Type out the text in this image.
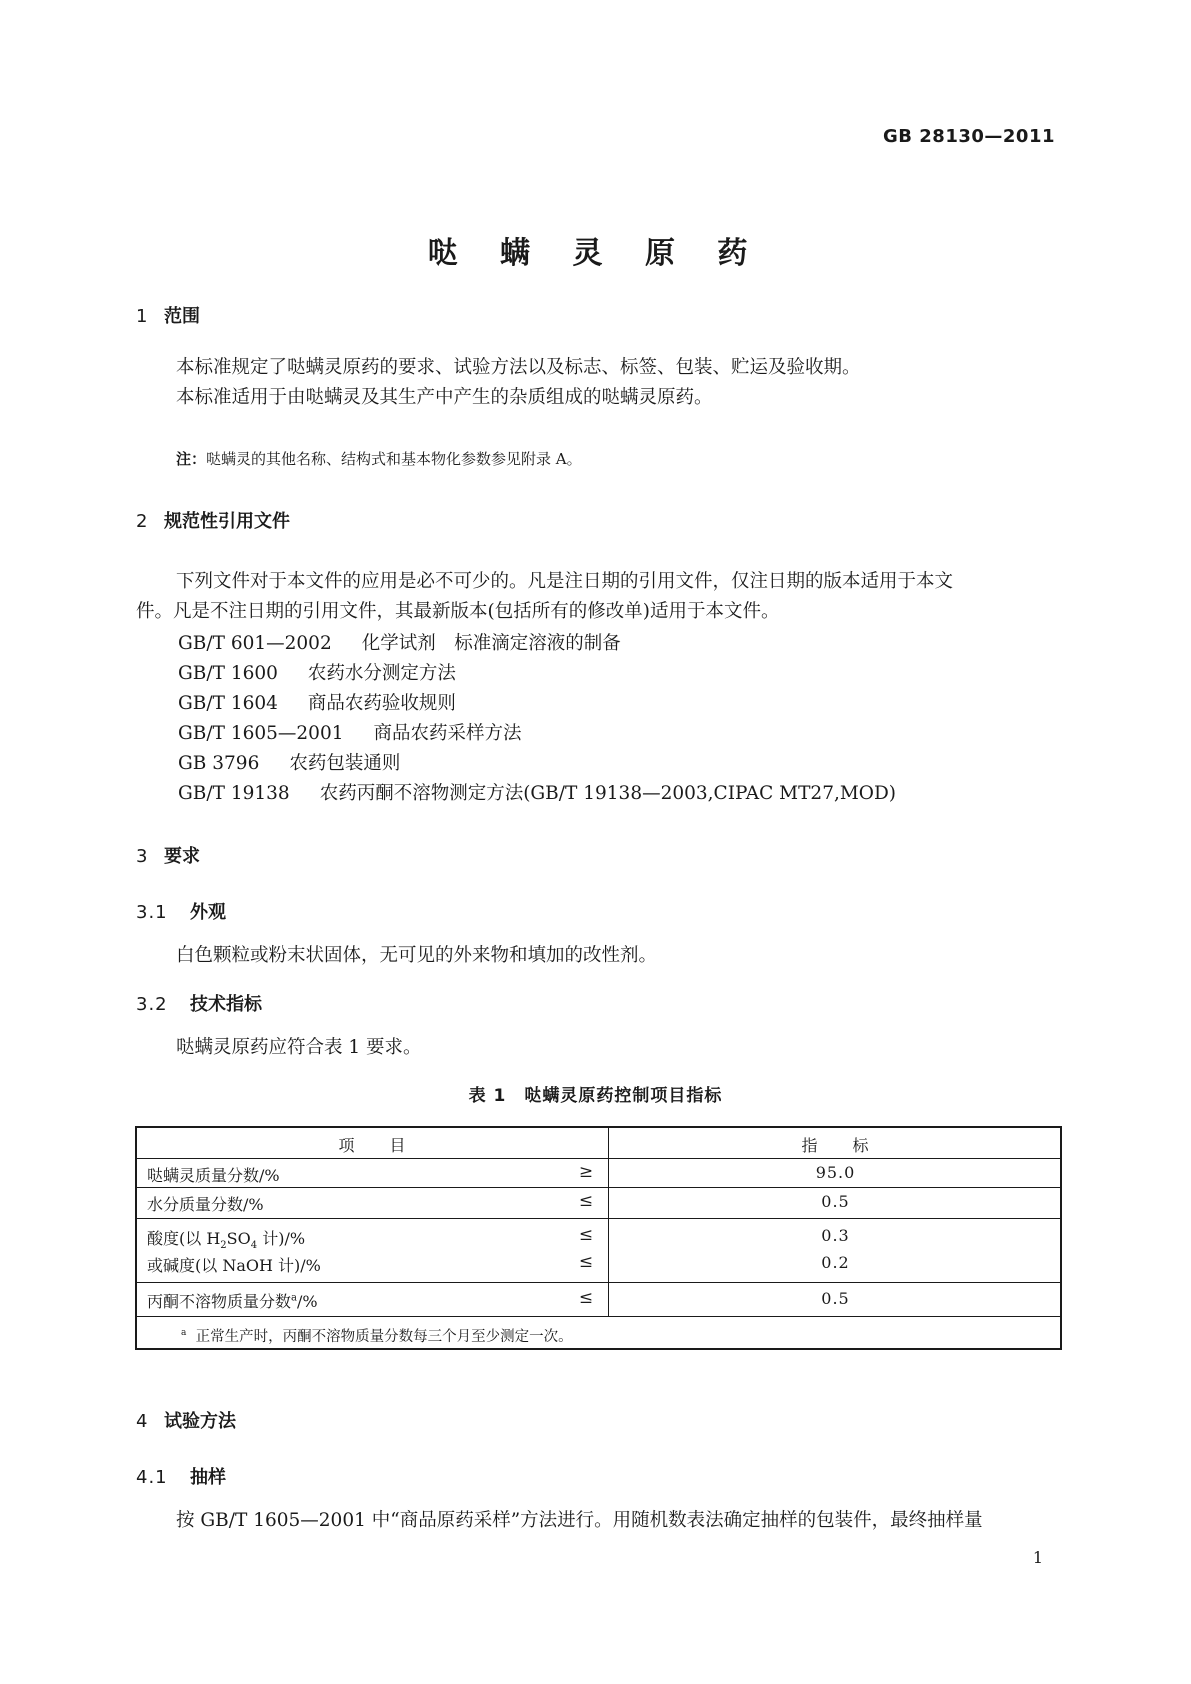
GB 28130—2011
哒 螨 灵 原 药
1 范围
本标准规定了哒螨灵原药的要求、试验方法以及标志、标签、包装、贮运及验收期。
本标准适用于由哒螨灵及其生产中产生的杂质组成的哒螨灵原药。
注：哒螨灵的其他名称、结构式和基本物化参数参见附录 A。
2 规范性引用文件
下列文件对于本文件的应用是必不可少的。凡是注日期的引用文件，仅注日期的版本适用于本文
件。凡是不注日期的引用文件，其最新版本(包括所有的修改单)适用于本文件。
GB/T 601—2002 化学试剂　标准滴定溶液的制备
GB/T 1600 农药水分测定方法
GB/T 1604 商品农药验收规则
GB/T 1605—2001 商品农药采样方法
GB 3796 农药包装通则
GB/T 19138 农药丙酮不溶物测定方法(GB/T 19138—2003,CIPAC MT27,MOD)
3 要求
3.1 外观
白色颗粒或粉末状固体，无可见的外来物和填加的改性剂。
3.2 技术指标
哒螨灵原药应符合表 1 要求。
表 1　哒螨灵原药控制项目指标
项　　目	指　　标
哒螨灵质量分数/%	≥	95.0
水分质量分数/%	≤	0.5
酸度(以 $H_2SO_4$ 计)/%	≤	0.3
或碱度(以 NaOH 计)/%	≤	0.2
丙酮不溶物质量分数$^a$/%	≤	0.5
$^a$ 正常生产时，丙酮不溶物质量分数每三个月至少测定一次。
4 试验方法
4.1 抽样
按 GB/T 1605—2001 中“商品原药采样”方法进行。用随机数表法确定抽样的包装件，最终抽样量
1
